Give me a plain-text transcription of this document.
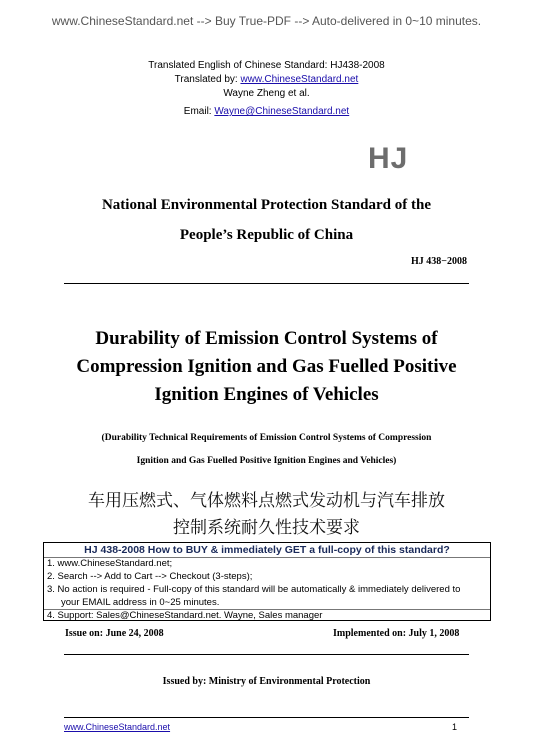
www.ChineseStandard.net --> Buy True-PDF --> Auto-delivered in 0~10 minutes.
Translated English of Chinese Standard: HJ438-2008
Translated by: www.ChineseStandard.net
Wayne Zheng et al.
Email: Wayne@ChineseStandard.net
HJ
National Environmental Protection Standard of the
People’s Republic of China
HJ 438−2008
Durability of Emission Control Systems of
Compression Ignition and Gas Fuelled Positive
Ignition Engines of Vehicles
(Durability Technical Requirements of Emission Control Systems of Compression
Ignition and Gas Fuelled Positive Ignition Engines and Vehicles)
车用压燃式、气体燃料点燃式发动机与汽车排放
控制系统耐久性技术要求
HJ 438-2008 How to BUY & immediately GET a full-copy of this standard?
1. www.ChineseStandard.net;
2. Search --> Add to Cart --> Checkout (3-steps);
3. No action is required - Full-copy of this standard will be automatically & immediately delivered to
your EMAIL address in 0~25 minutes.
4. Support: Sales@ChineseStandard.net. Wayne, Sales manager
Issue on: June 24, 2008	Implemented on: July 1, 2008
Issued by: Ministry of Environmental Protection
www.ChineseStandard.net	1
